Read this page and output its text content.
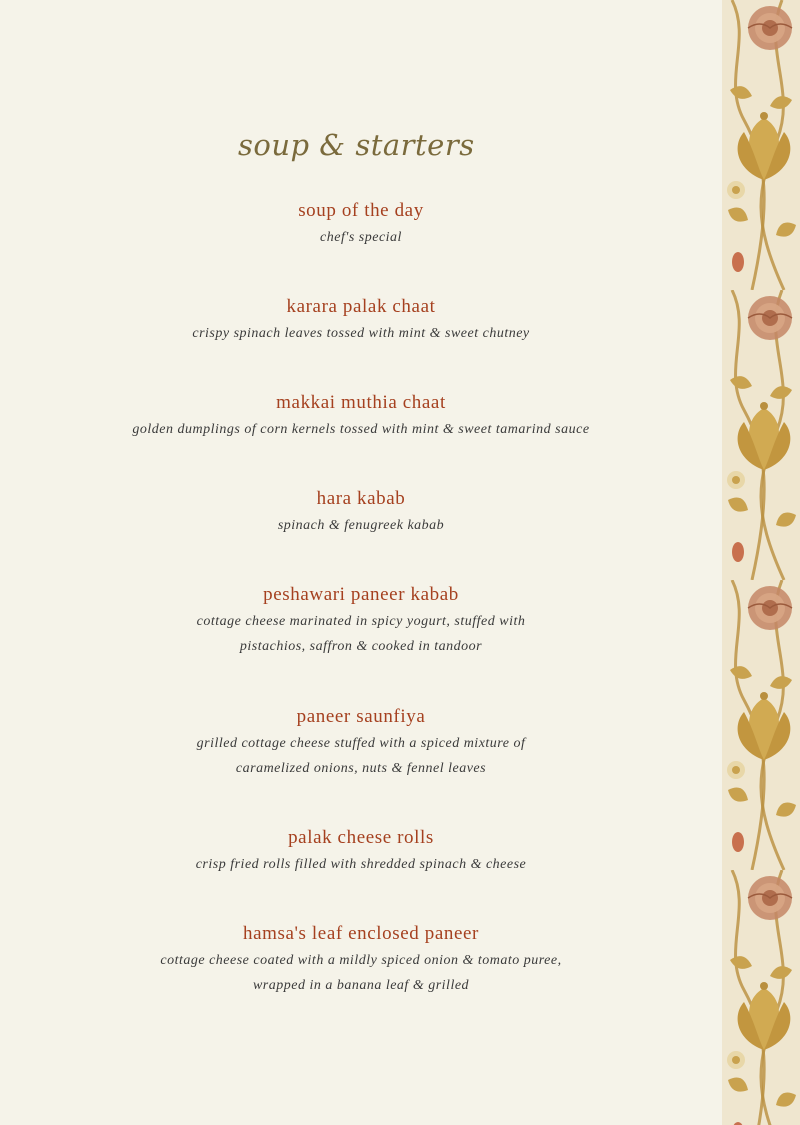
soup & starters
soup of the day
chef's special
karara palak chaat
crispy spinach leaves tossed with mint & sweet chutney
makkai muthia chaat
golden dumplings of corn kernels tossed with mint & sweet tamarind sauce
hara kabab
spinach & fenugreek kabab
peshawari paneer kabab
cottage cheese marinated in spicy yogurt, stuffed with
pistachios, saffron & cooked in tandoor
paneer saunfiya
grilled cottage cheese stuffed with a spiced mixture of
caramelized onions, nuts & fennel leaves
palak cheese rolls
crisp fried rolls filled with shredded spinach & cheese
hamsa's leaf enclosed paneer
cottage cheese coated with a mildly spiced onion & tomato puree,
wrapped in a banana leaf & grilled
